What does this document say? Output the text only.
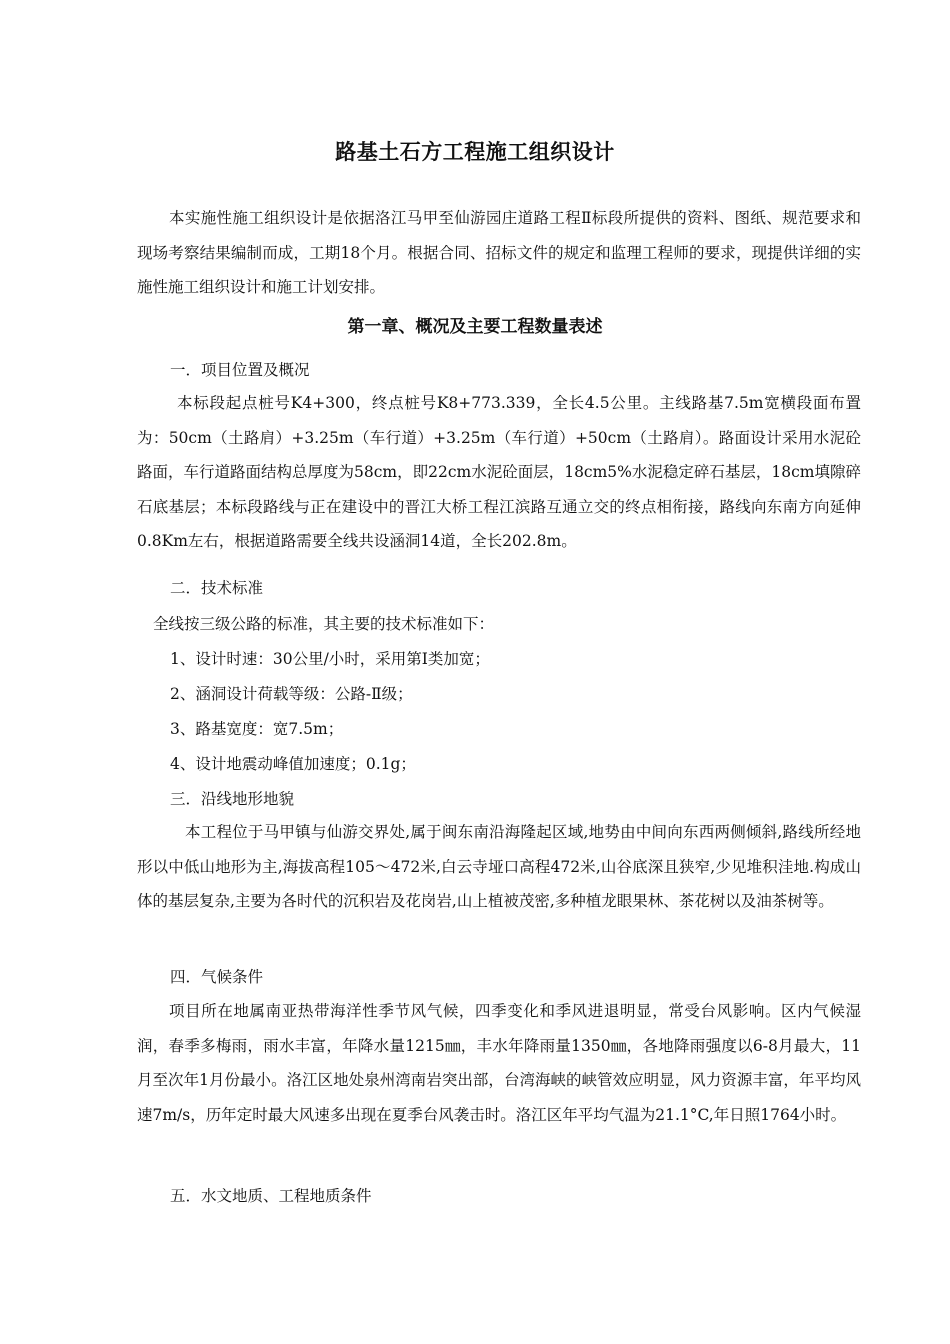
路基土石方工程施工组织设计
本实施性施工组织设计是依据洛江马甲至仙游园庄道路工程Ⅱ标段所提供的资料、图纸、规范要求和现场考察结果编制而成，工期18个月。根据合同、招标文件的规定和监理工程师的要求，现提供详细的实施性施工组织设计和施工计划安排。
第一章、概况及主要工程数量表述
一．项目位置及概况
本标段起点桩号K4+300，终点桩号K8+773.339，全长4.5公里。主线路基7.5m宽横段面布置为：50cm（土路肩）+3.25m（车行道）+3.25m（车行道）+50cm（土路肩）。路面设计采用水泥砼路面，车行道路面结构总厚度为58cm，即22cm水泥砼面层，18cm5%水泥稳定碎石基层，18cm填隙碎石底基层；本标段路线与正在建设中的晋江大桥工程江滨路互通立交的终点相衔接，路线向东南方向延伸0.8Km左右，根据道路需要全线共设涵洞14道，全长202.8m。
二．技术标准
全线按三级公路的标准，其主要的技术标准如下：
1、设计时速：30公里/小时，采用第Ⅰ类加宽；
2、涵洞设计荷载等级：公路-Ⅱ级；
3、路基宽度：宽7.5m；
4、设计地震动峰值加速度；0.1g；
三．沿线地形地貌
本工程位于马甲镇与仙游交界处,属于闽东南沿海隆起区域,地势由中间向东西两侧倾斜,路线所经地形以中低山地形为主,海拔高程105～472米,白云寺垭口高程472米,山谷底深且狭窄,少见堆积洼地.构成山体的基层复杂,主要为各时代的沉积岩及花岗岩,山上植被茂密,多种植龙眼果林、茶花树以及油茶树等。
四．气候条件
项目所在地属南亚热带海洋性季节风气候，四季变化和季风进退明显，常受台风影响。区内气候湿润，春季多梅雨，雨水丰富，年降水量1215㎜，丰水年降雨量1350㎜，各地降雨强度以6-8月最大，11月至次年1月份最小。洛江区地处泉州湾南岩突出部，台湾海峡的峡管效应明显，风力资源丰富，年平均风速7m/s，历年定时最大风速多出现在夏季台风袭击时。洛江区年平均气温为21.1°C,年日照1764小时。
五．水文地质、工程地质条件
